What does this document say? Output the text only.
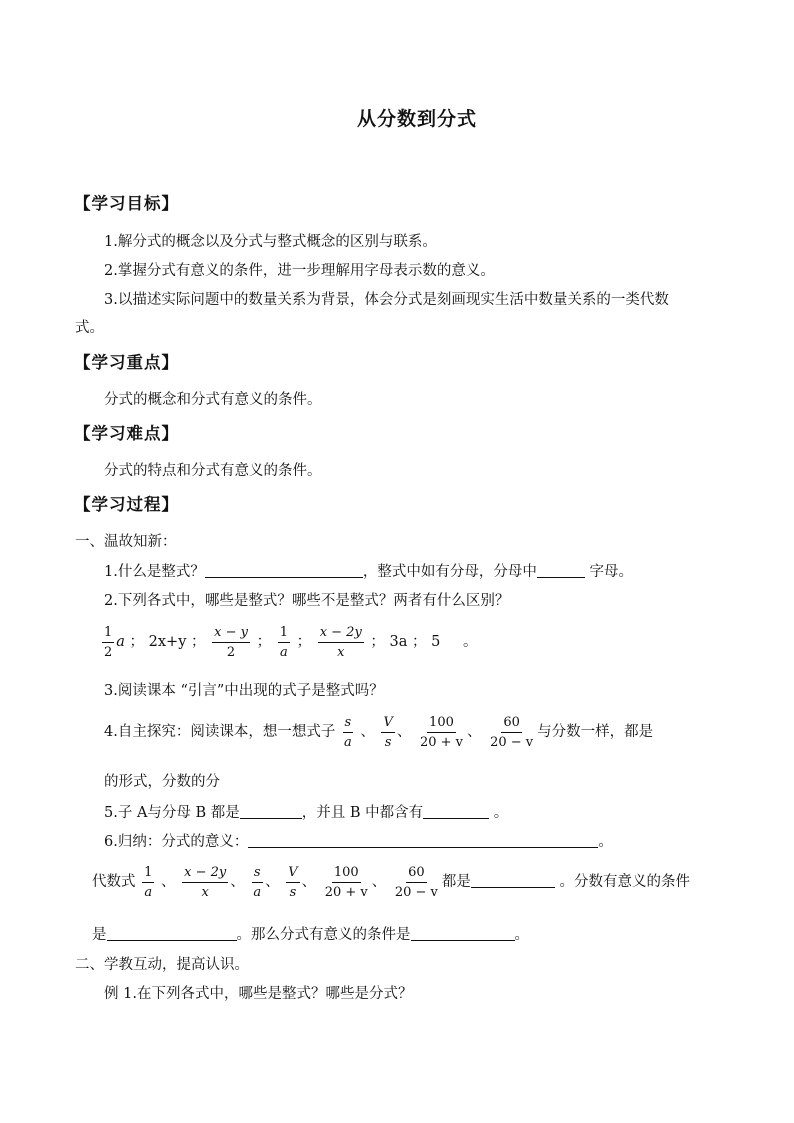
从分数到分式
【学习目标】
1.解分式的概念以及分式与整式概念的区别与联系。
2.掌握分式有意义的条件，进一步理解用字母表示数的意义。
3.以描述实际问题中的数量关系为背景，体会分式是刻画现实生活中数量关系的一类代数
式。
【学习重点】
分式的概念和分式有意义的条件。
【学习难点】
分式的特点和分式有意义的条件。
【学习过程】
一、温故知新：
1.什么是整式？	，整式中如有分母，分母中	字母。
2.下列各式中，哪些是整式？哪些不是整式？两者有什么区别？
$\frac{1}{2}$ a ； 2x+y ； $\frac{x - y}{2}$ ； $\frac{1}{a}$ ； $\frac{x - 2y}{x}$ ； 3a ； 5 。
3.阅读课本 “引言”中出现的式子是整式吗？
4.自主探究：阅读课本，想一想式子 $\frac{s}{a}$ 、 $\frac{V}{s}$ 、 $\frac{100}{20 + v}$ 、 $\frac{60}{20 - v}$ 与分数一样，都是
的形式，分数的分
5.子 A与分母 B 都是	，并且 B 中都含有	。
6.归纳：分式的意义：	。
代数式 $\frac{1}{a}$ 、 $\frac{x - 2y}{x}$ 、 $\frac{s}{a}$ 、 $\frac{V}{s}$ 、 $\frac{100}{20 + v}$ 、 $\frac{60}{20 - v}$ 都是	。分数有意义的条件
是	。那么分式有意义的条件是	。
二、学教互动，提高认识。
例 1.在下列各式中，哪些是整式？哪些是分式？
